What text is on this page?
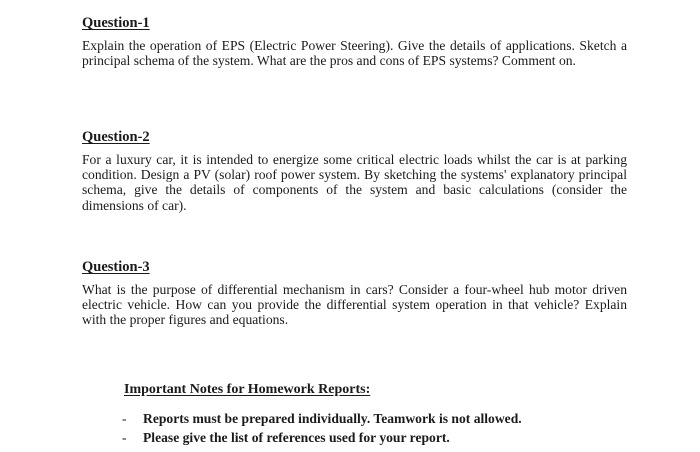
Question-1

Explain the operation of EPS (Electric Power Steering). Give the details of applications. Sketch a principal schema of the system. What are the pros and cons of EPS systems? Comment on.

Question-2

For a luxury car, it is intended to energize some critical electric loads whilst the car is at parking condition. Design a PV (solar) roof power system. By sketching the systems' explanatory principal schema, give the details of components of the system and basic calculations (consider the dimensions of car).

Question-3

What is the purpose of differential mechanism in cars? Consider a four-wheel hub motor driven electric vehicle. How can you provide the differential system operation in that vehicle? Explain with the proper figures and equations.

Important Notes for Homework Reports:
- Reports must be prepared individually. Teamwork is not allowed.
- Please give the list of references used for your report.
